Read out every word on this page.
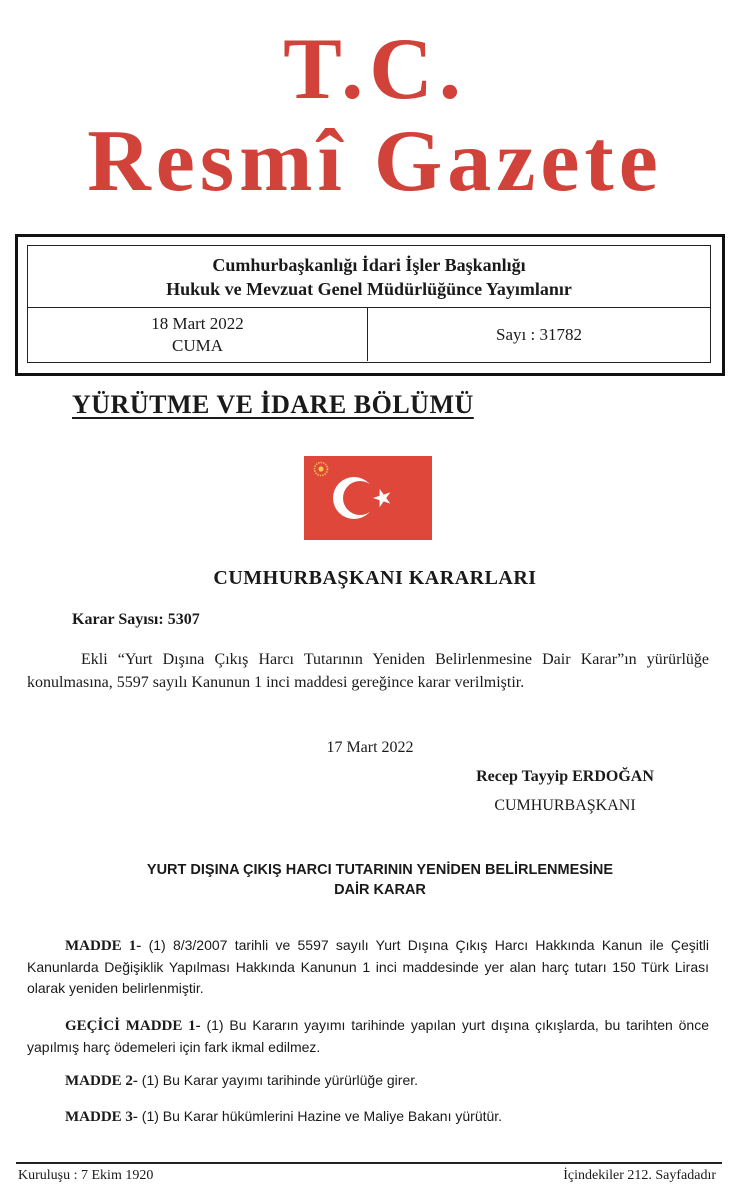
T.C.
Resmî Gazete
Cumhurbaşkanlığı İdari İşler Başkanlığı
Hukuk ve Mevzuat Genel Müdürlüğünce Yayımlanır
18 Mart 2022
CUMA
Sayı : 31782
YÜRÜTME VE İDARE BÖLÜMÜ
CUMHURBAŞKANI KARARLARI
Karar Sayısı: 5307

Ekli “Yurt Dışına Çıkış Harcı Tutarının Yeniden Belirlenmesine Dair Karar”ın yürürlüğe konulmasına, 5597 sayılı Kanunun 1 inci maddesi gereğince karar verilmiştir.

17 Mart 2022
Recep Tayyip ERDOĞAN
CUMHURBAŞKANI
YURT DIŞINA ÇIKIŞ HARCI TUTARININ YENİDEN BELİRLENMESİNE
DAİR KARAR

MADDE 1- (1) 8/3/2007 tarihli ve 5597 sayılı Yurt Dışına Çıkış Harcı Hakkında Kanun ile Çeşitli Kanunlarda Değişiklik Yapılması Hakkında Kanunun 1 inci maddesinde yer alan harç tutarı 150 Türk Lirası olarak yeniden belirlenmiştir.

GEÇİCİ MADDE 1- (1) Bu Kararın yayımı tarihinde yapılan yurt dışına çıkışlarda, bu tarihten önce yapılmış harç ödemeleri için fark ikmal edilmez.

MADDE 2- (1) Bu Karar yayımı tarihinde yürürlüğe girer.

MADDE 3- (1) Bu Karar hükümlerini Hazine ve Maliye Bakanı yürütür.

Kuruluşu : 7 Ekim 1920	İçindekiler 212. Sayfadadır
